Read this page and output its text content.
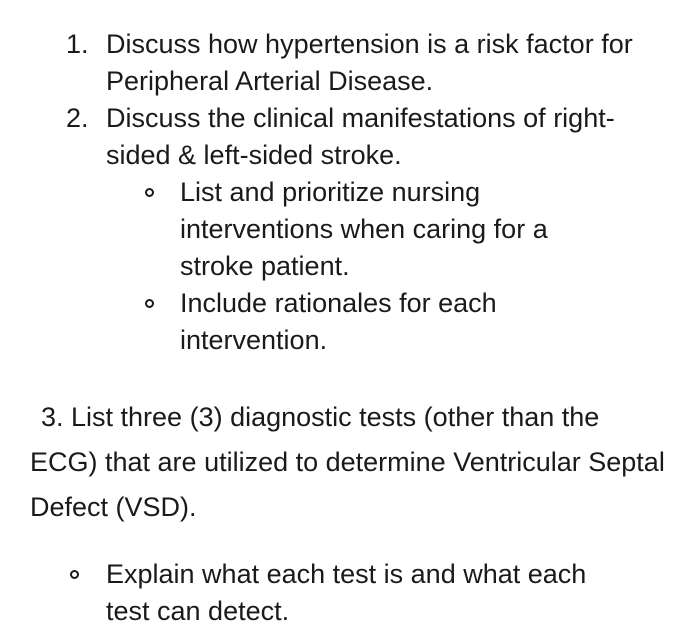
1. Discuss how hypertension is a risk factor for Peripheral Arterial Disease.
2. Discuss the clinical manifestations of right-sided & left-sided stroke.
List and prioritize nursing interventions when caring for a stroke patient.
Include rationales for each intervention.
3. List three (3) diagnostic tests (other than the ECG) that are utilized to determine Ventricular Septal Defect (VSD).
Explain what each test is and what each test can detect.
